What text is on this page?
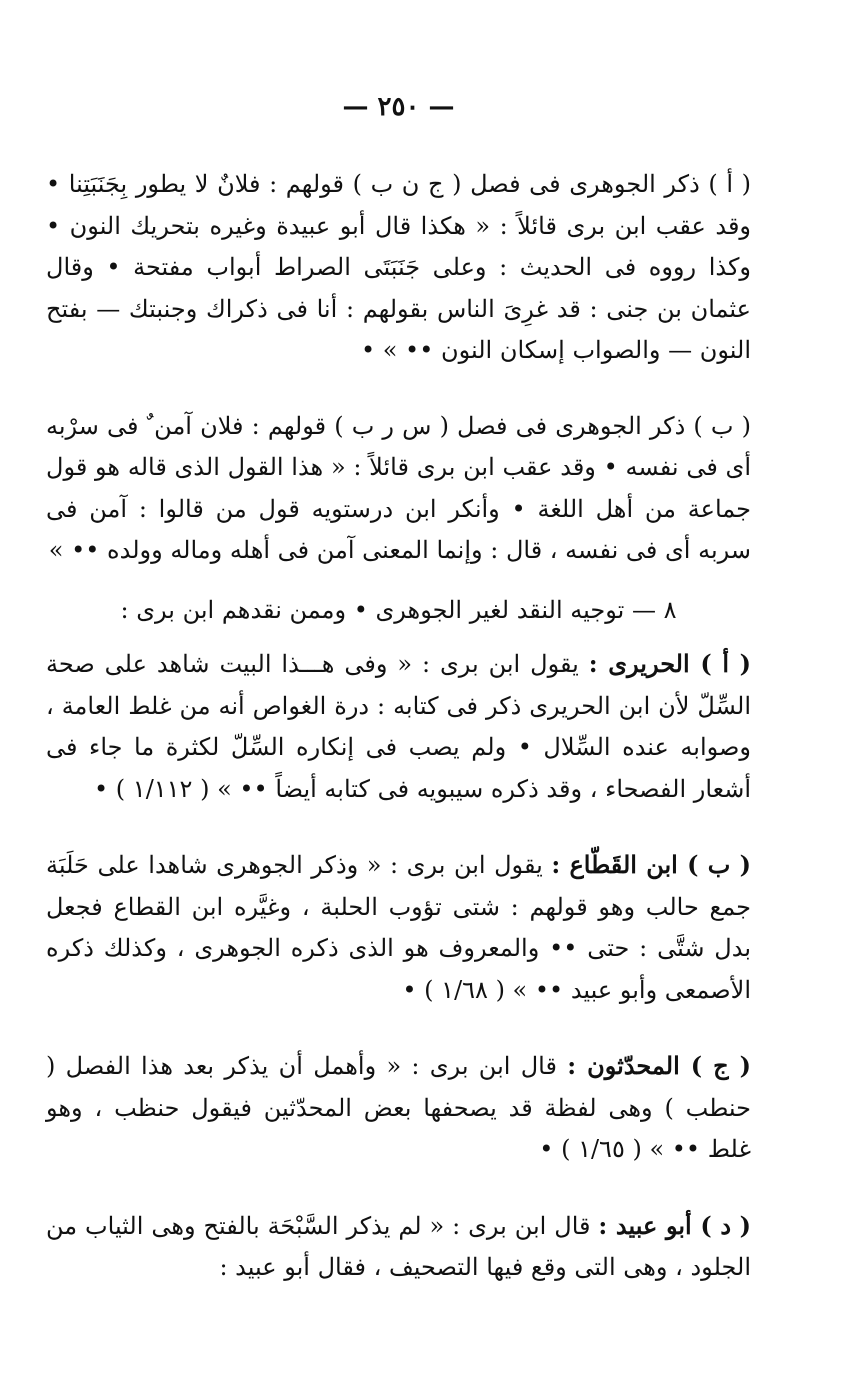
— ٢٥٠ —

( أ ) ذكر الجوهرى فى فصل ( ج ن ب ) قولهم : فلانٌ لا يطور بِجَنَبَتِنا • وقد عقب ابن برى قائلاً : « هكذا قال أبو عبيدة وغيره بتحريك النون • وكذا رووه فى الحديث : وعلى جَنَبَتَى الصراط أبواب مفتحة • وقال عثمان بن جنى : قد غرِىَ الناس بقولهم : أنا فى ذكراك وجنبتك — بفتح النون — والصواب إسكان النون •• » •

( ب ) ذكر الجوهرى فى فصل ( س ر ب ) قولهم : فلان آمن ٌ فى سرْبه أى فى نفسه • وقد عقب ابن برى قائلاً : « هذا القول الذى قاله هو قول جماعة من أهل اللغة • وأنكر ابن درستويه قول من قالوا : آمن فى سربه أى فى نفسه ، قال : وإنما المعنى آمن فى أهله وماله وولده •• »

٨ — توجيه النقد لغير الجوهرى • وممن نقدهم ابن برى :

( أ ) الحريرى : يقول ابن برى : « وفى هـــذا البيت شاهد على صحة السِّلّ لأن ابن الحريرى ذكر فى كتابه : درة الغواص أنه من غلط العامة ، وصوابه عنده السِّلال • ولم يصب فى إنكاره السِّلّ لكثرة ما جاء فى أشعار الفصحاء ، وقد ذكره سيبويه فى كتابه أيضاً •• » ( ١/١١٢ ) •

( ب ) ابن القَطّاع : يقول ابن برى : « وذكر الجوهرى شاهدا على حَلَبَة جمع حالب وهو قولهم : شتى تؤوب الحلبة ، وغيَّره ابن القطاع فجعل بدل شتَّى : حتى •• والمعروف هو الذى ذكره الجوهرى ، وكذلك ذكره الأصمعى وأبو عبيد •• » ( ١/٦٨ ) •

( ج ) المحدّثون : قال ابن برى : « وأهمل أن يذكر بعد هذا الفصل ( حنطب ) وهى لفظة قد يصحفها بعض المحدّثين فيقول حنظب ، وهو غلط •• » ( ١/٦٥ ) •

( د ) أبو عبيد : قال ابن برى : « لم يذكر السَّبْحَة بالفتح وهى الثياب من الجلود ، وهى التى وقع فيها التصحيف ، فقال أبو عبيد :
